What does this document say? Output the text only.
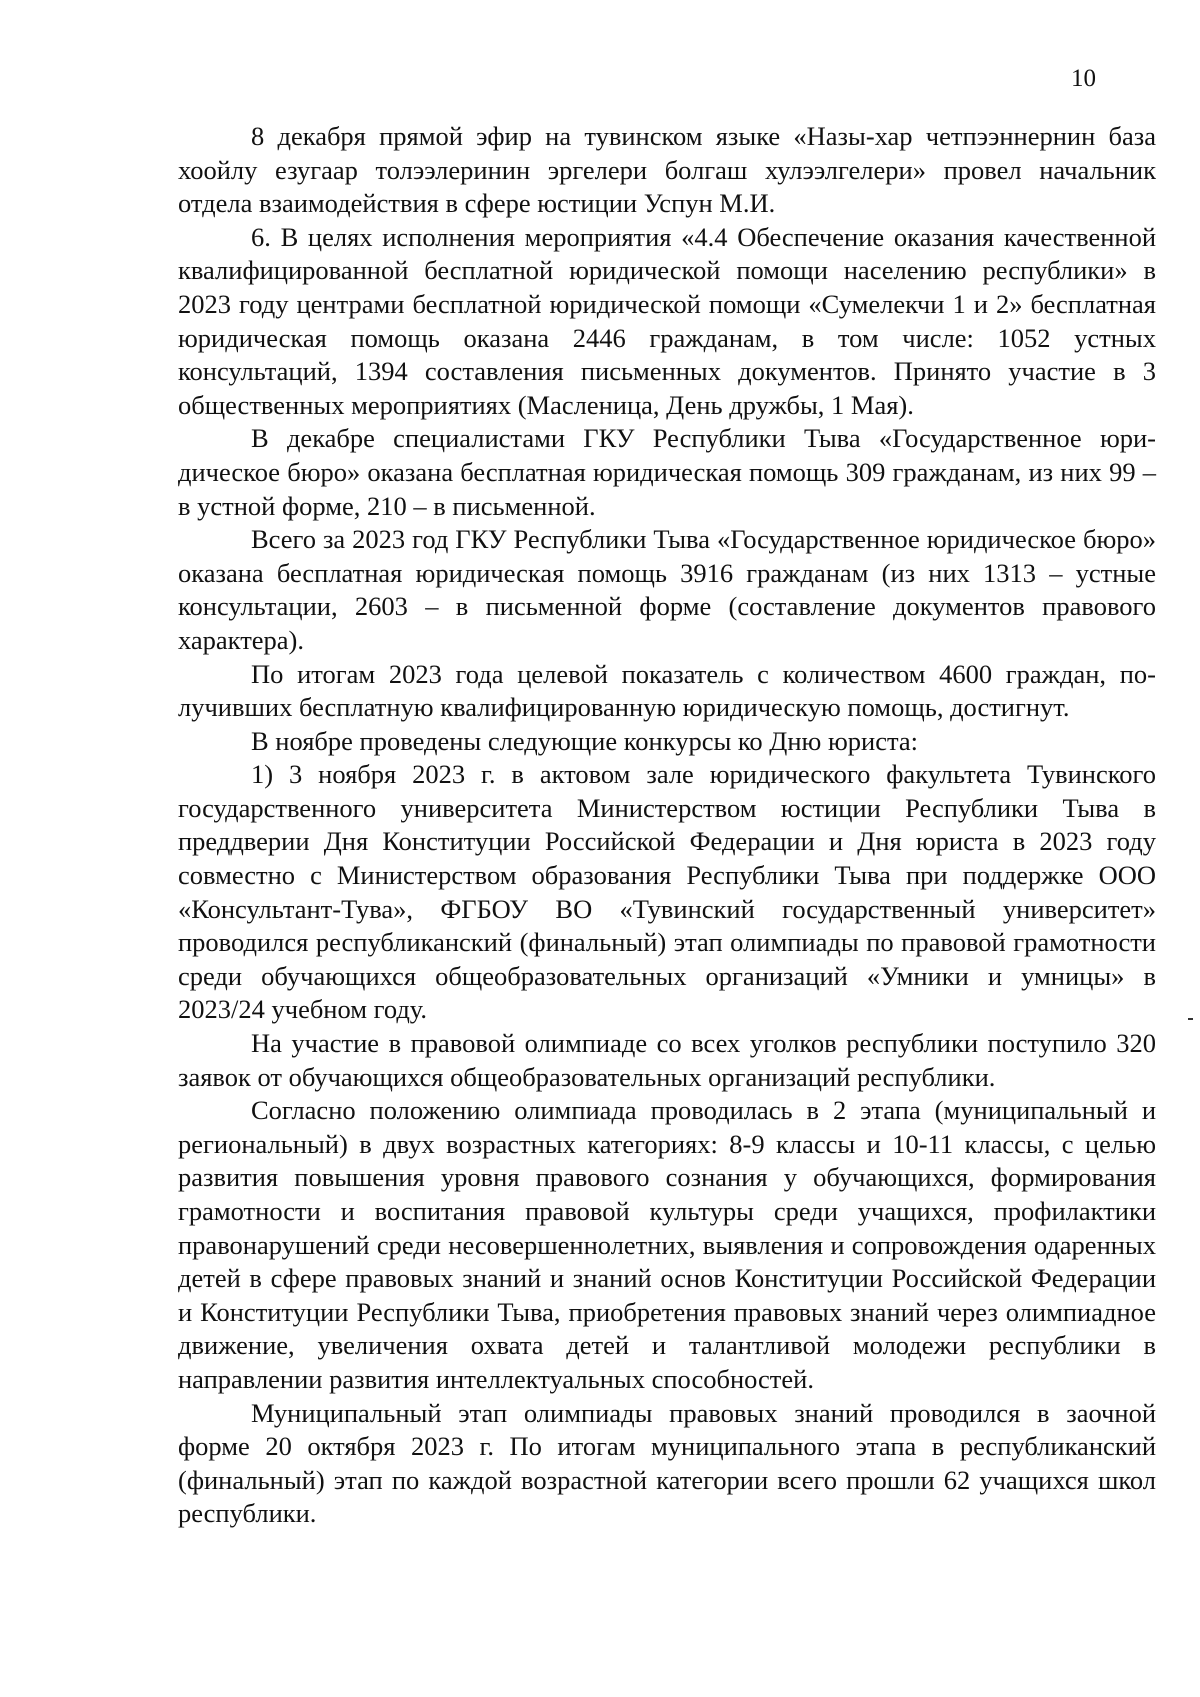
10

8 декабря прямой эфир на тувинском языке «Назы-хар четпээннернин база хоойлу езугаар толээлеринин эргелери болгаш хулээлгелери» провел начальник отдела взаимодействия в сфере юстиции Успун М.И.

6. В целях исполнения мероприятия «4.4 Обеспечение оказания качественной квалифицированной бесплатной юридической помощи населению республики» в 2023 году центрами бесплатной юридической помощи «Сумелекчи 1 и 2» бесплатная юридическая помощь оказана 2446 гражданам, в том числе: 1052 устных консультаций, 1394 составления письменных документов. Принято участие в 3 общественных мероприятиях (Масленица, День дружбы, 1 Мая).

В декабре специалистами ГКУ Республики Тыва «Государственное юридическое бюро» оказана бесплатная юридическая помощь 309 гражданам, из них 99 – в устной форме, 210 – в письменной.

Всего за 2023 год ГКУ Республики Тыва «Государственное юридическое бюро» оказана бесплатная юридическая помощь 3916 гражданам (из них 1313 – устные консультации, 2603 – в письменной форме (составление документов правового характера).

По итогам 2023 года целевой показатель с количеством 4600 граждан, получивших бесплатную квалифицированную юридическую помощь, достигнут.

В ноябре проведены следующие конкурсы ко Дню юриста:

1) 3 ноября 2023 г. в актовом зале юридического факультета Тувинского государственного университета Министерством юстиции Республики Тыва в преддверии Дня Конституции Российской Федерации и Дня юриста в 2023 году совместно с Министерством образования Республики Тыва при поддержке ООО «Консультант-Тува», ФГБОУ ВО «Тувинский государственный университет» проводился республиканский (финальный) этап олимпиады по правовой грамотности среди обучающихся общеобразовательных организаций «Умники и умницы» в 2023/24 учебном году.

На участие в правовой олимпиаде со всех уголков республики поступило 320 заявок от обучающихся общеобразовательных организаций республики.

Согласно положению олимпиада проводилась в 2 этапа (муниципальный и региональный) в двух возрастных категориях: 8-9 классы и 10-11 классы, с целью развития повышения уровня правового сознания у обучающихся, формирования грамотности и воспитания правовой культуры среди учащихся, профилактики правонарушений среди несовершеннолетних, выявления и сопровождения одаренных детей в сфере правовых знаний и знаний основ Конституции Российской Федерации и Конституции Республики Тыва, приобретения правовых знаний через олимпиадное движение, увеличения охвата детей и талантливой молодежи республики в направлении развития интеллектуальных способностей.

Муниципальный этап олимпиады правовых знаний проводился в заочной форме 20 октября 2023 г. По итогам муниципального этапа в республиканский (финальный) этап по каждой возрастной категории всего прошли 62 учащихся школ республики.
